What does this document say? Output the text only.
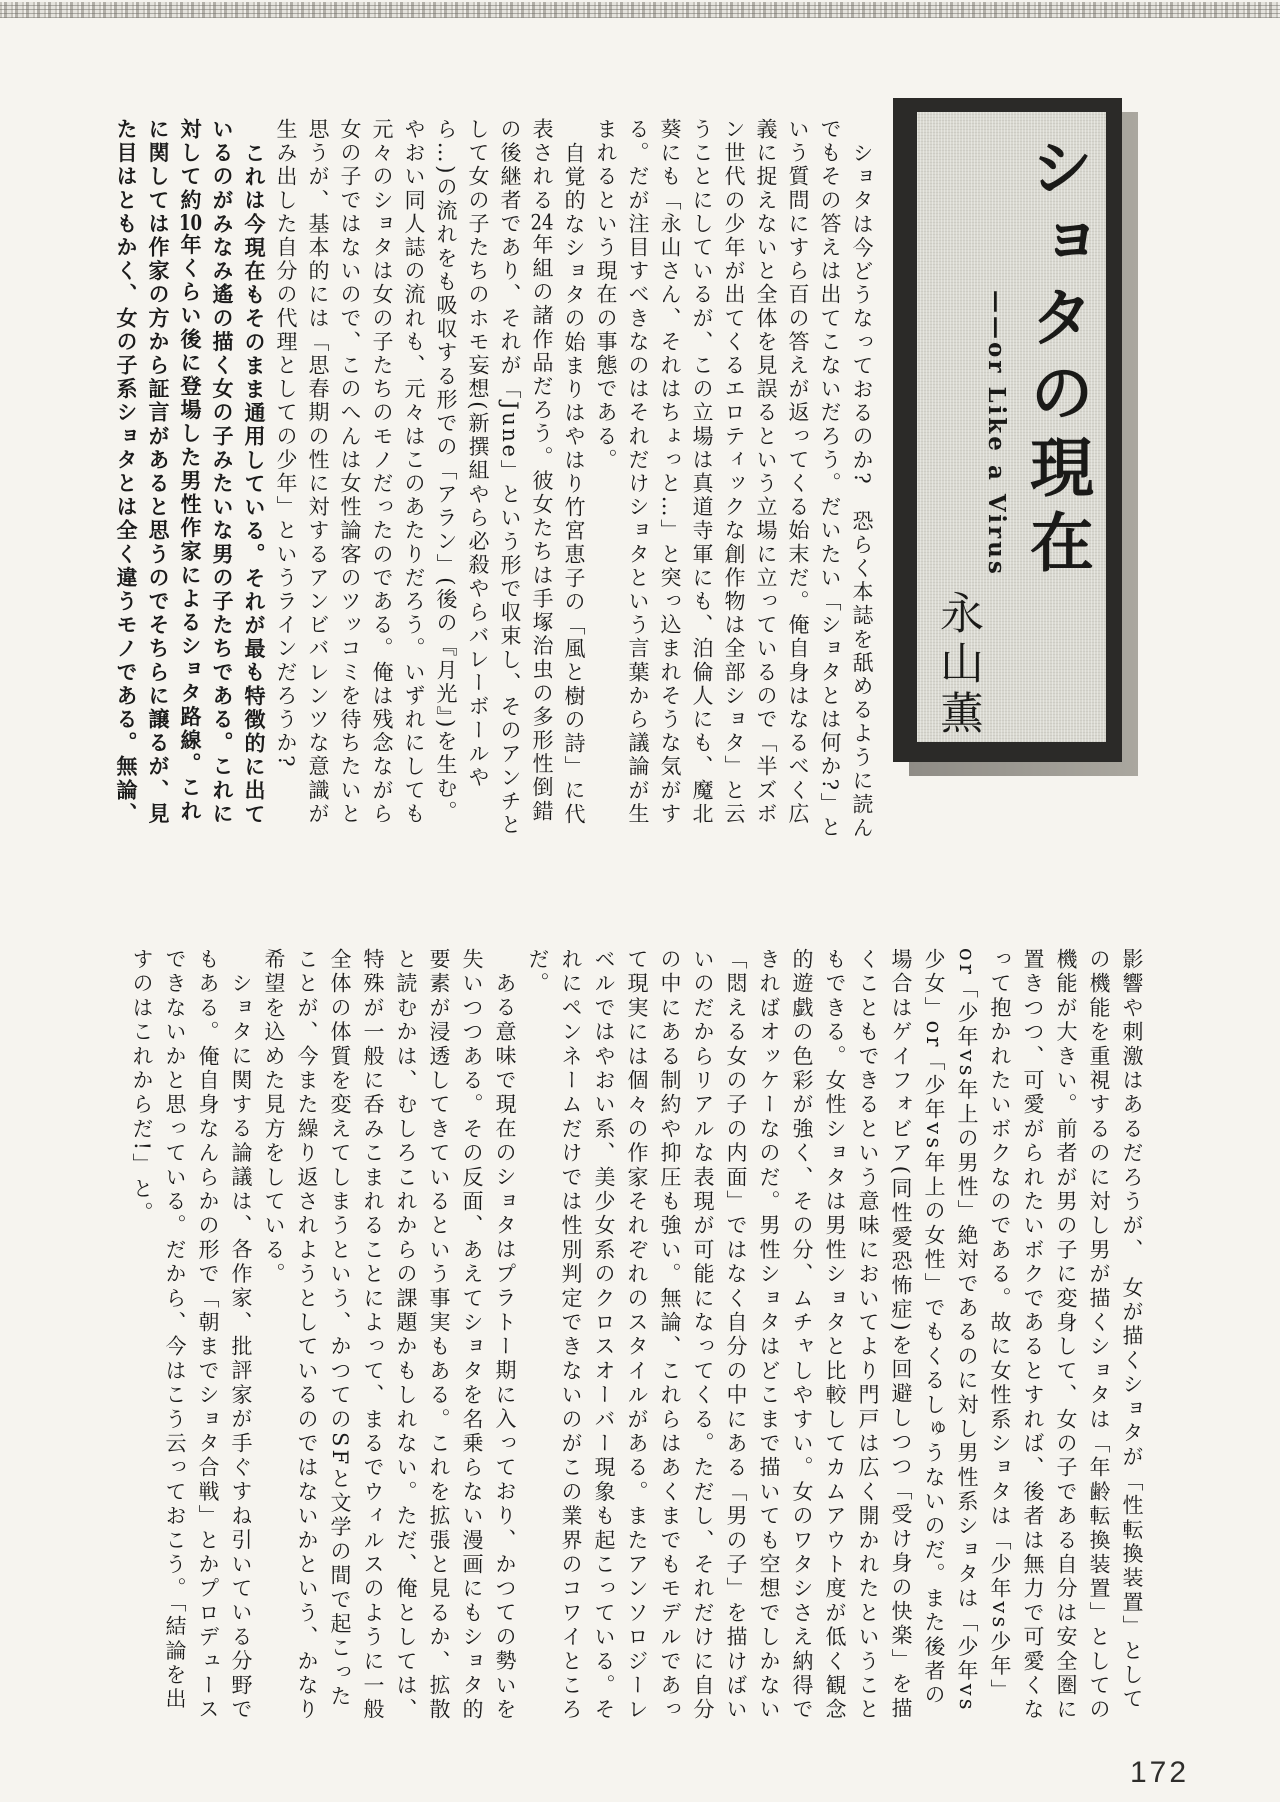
ショタは今どうなっておるのか?　恐らく本誌を舐めるように読んでもその答えは出てこないだろう。だいたい「ショタとは何か?」という質問にすら百の答えが返ってくる始末だ。俺自身はなるべく広義に捉えないと全体を見誤るという立場に立っているので「半ズボン世代の少年が出てくるエロティックな創作物は全部ショタ」と云うことにしているが、この立場は真道寺軍にも、泊倫人にも、魔北葵にも「永山さん、それはちょっと…」と突っ込まれそうな気がする。だが注目すべきなのはそれだけショタという言葉から議論が生まれるという現在の事態である。

自覚的なショタの始まりはやはり竹宮恵子の「風と樹の詩」に代表される24年組の諸作品だろう。彼女たちは手塚治虫の多形性倒錯の後継者であり、それが「June」という形で収束し、そのアンチとして女の子たちのホモ妄想(新撰組やら必殺やらバレーボールやら…)の流れをも吸収する形での「アラン」(後の『月光』)を生む。やおい同人誌の流れも、元々はこのあたりだろう。いずれにしても元々のショタは女の子たちのモノだったのである。俺は残念ながら女の子ではないので、このへんは女性論客のツッコミを待ちたいと思うが、基本的には「思春期の性に対するアンビバレンツな意識が生み出した自分の代理としての少年」というラインだろうか?

これは今現在もそのまま通用している。それが最も特徴的に出ているのがみなみ遙の描く女の子みたいな男の子たちである。これに対して約10年くらい後に登場した男性作家によるショタ路線。これに関しては作家の方から証言があると思うのでそちらに譲るが、見た目はともかく、女の子系ショタとは全く違うモノである。無論、	ショタの現在
——or Like a Virus
永山薫

影響や刺激はあるだろうが、　女が描くショタが「性転換装置」としての機能を重視するのに対し男が描くショタは「年齢転換装置」としての機能が大きい。前者が男の子に変身して、女の子である自分は安全圏に置きつつ、可愛がられたいボクであるとすれば、後者は無力で可愛くなって抱かれたいボクなのである。故に女性系ショタは「少年vs少年」or「少年vs年上の男性」絶対であるのに対し男性系ショタは「少年vs少女」or「少年vs年上の女性」でもくるしゅうないのだ。また後者の場合はゲイフォビア(同性愛恐怖症)を回避しつつ「受け身の快楽」を描くこともできるという意味においてより門戸は広く開かれたということもできる。女性ショタは男性ショタと比較してカムアウト度が低く観念的遊戯の色彩が強く、その分、ムチャしやすい。女のワタシさえ納得できればオッケーなのだ。男性ショタはどこまで描いても空想でしかない「悶える女の子の内面」ではなく自分の中にある「男の子」を描けばいいのだからリアルな表現が可能になってくる。ただし、それだけに自分の中にある制約や抑圧も強い。無論、これらはあくまでもモデルであって現実には個々の作家それぞれのスタイルがある。またアンソロジーレベルではやおい系、美少女系のクロスオーバー現象も起こっている。それにペンネームだけでは性別判定できないのがこの業界のコワイところだ。

ある意味で現在のショタはプラトー期に入っており、かつての勢いを失いつつある。その反面、あえてショタを名乗らない漫画にもショタ的要素が浸透してきているという事実もある。これを拡張と見るか、拡散と読むかは、むしろこれからの課題かもしれない。ただ、俺としては、特殊が一般に呑みこまれることによって、まるでウィルスのように一般全体の体質を変えてしまうという、かつてのSFと文学の間で起こったことが、今また繰り返されようとしているのではないかという、かなり希望を込めた見方をしている。

ショタに関する論議は、各作家、批評家が手ぐすね引いている分野でもある。俺自身なんらかの形で「朝までショタ合戦」とかプロデュースできないかと思っている。だから、今はこう云っておこう。「結論を出すのはこれからだ!」と。

172
